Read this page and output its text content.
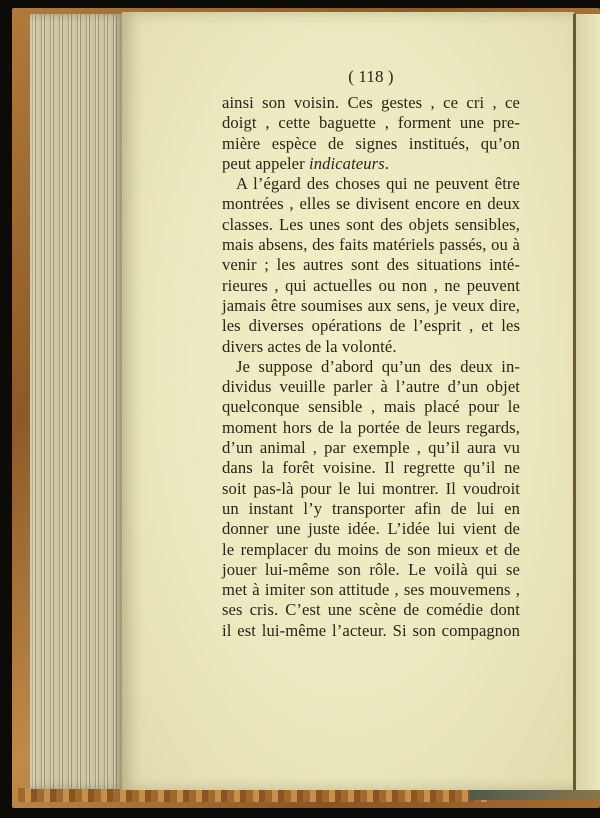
( 118 )
ainsi son voisin. Ces gestes , ce cri , ce
doigt , cette baguette , forment une pre-
mière espèce de signes institués, qu’on
peut appeler indicateurs.
A l’égard des choses qui ne peuvent être
montrées , elles se divisent encore en deux
classes. Les unes sont des objets sensibles,
mais absens, des faits matériels passés, ou à
venir ; les autres sont des situations inté-
rieures , qui actuelles ou non , ne peuvent
jamais être soumises aux sens, je veux dire,
les diverses opérations de l’esprit , et les
divers actes de la volonté.
Je suppose d’abord qu’un des deux in-
dividus veuille parler à l’autre d’un objet
quelconque sensible , mais placé pour le
moment hors de la portée de leurs regards,
d’un animal , par exemple , qu’il aura vu
dans la forêt voisine. Il regrette qu’il ne
soit pas-là pour le lui montrer. Il voudroit
un instant l’y transporter afin de lui en
donner une juste idée. L’idée lui vient de
le remplacer du moins de son mieux et de
jouer lui-même son rôle. Le voilà qui se
met à imiter son attitude , ses mouvemens ,
ses cris. C’est une scène de comédie dont
il est lui-même l’acteur. Si son compagnon
